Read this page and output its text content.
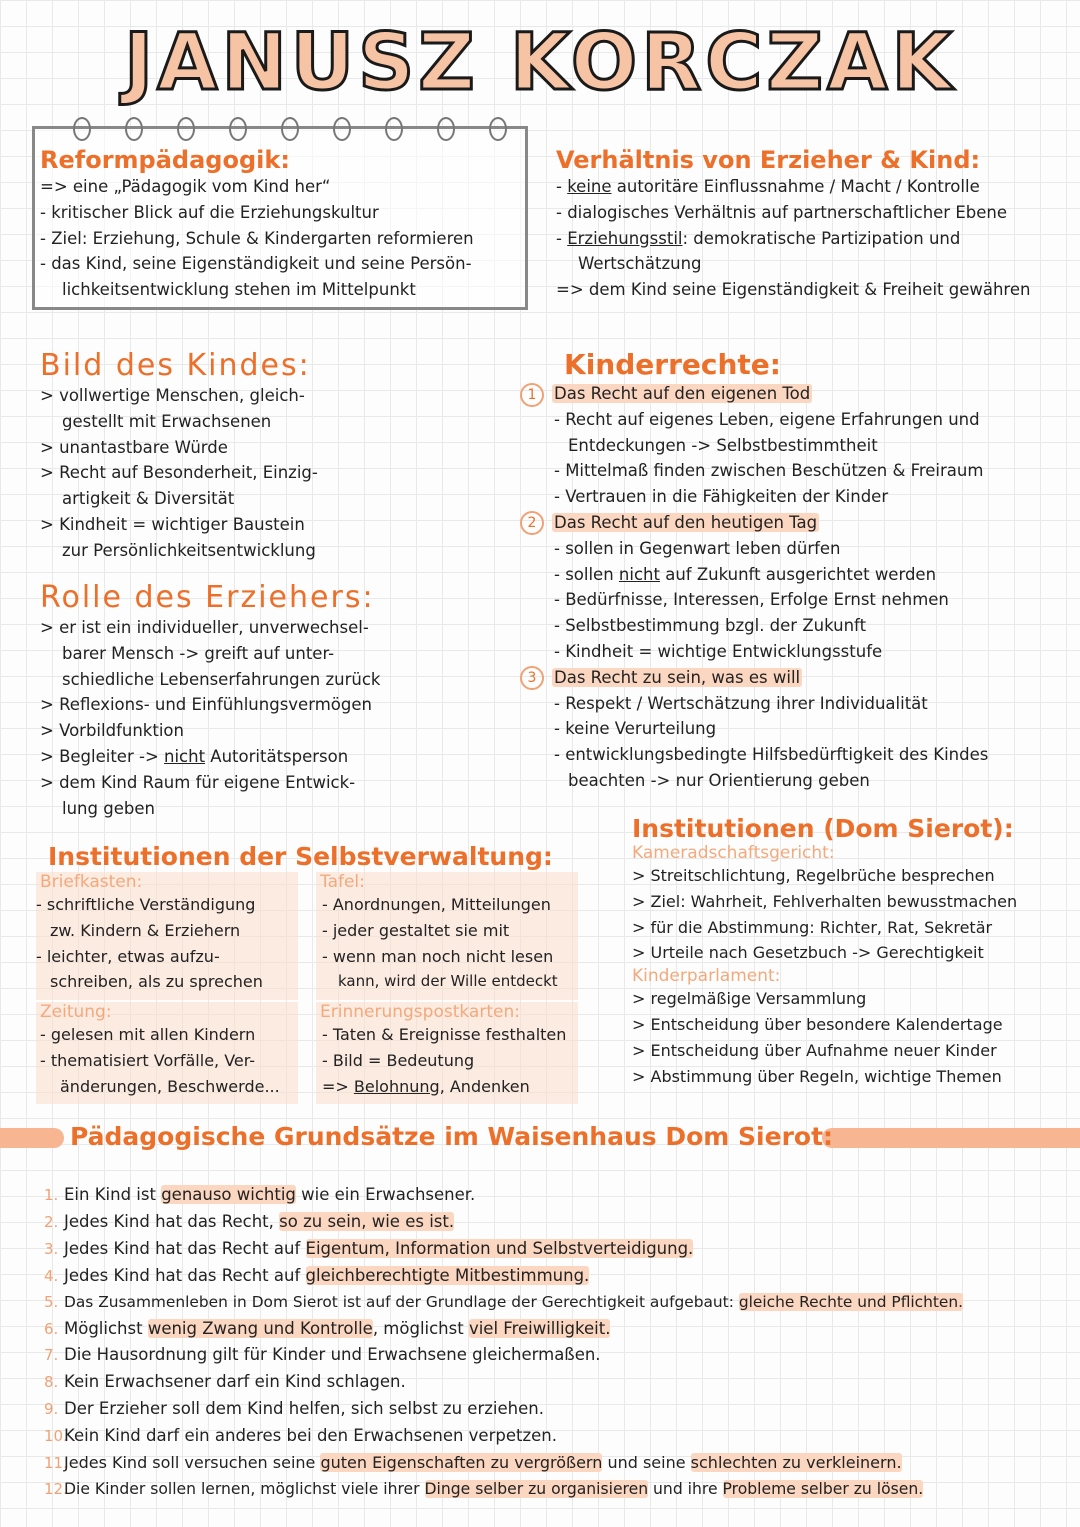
JANUSZ KORCZAK
Reformpädagogik:
=> eine „Pädagogik vom Kind her“
- kritischer Blick auf die Erziehungskultur
- Ziel: Erziehung, Schule & Kindergarten reformieren
- das Kind, seine Eigenständigkeit und seine Persön-
lichkeitsentwicklung stehen im Mittelpunkt
Verhältnis von Erzieher & Kind:
- keine autoritäre Einflussnahme / Macht / Kontrolle
- dialogisches Verhältnis auf partnerschaftlicher Ebene
- Erziehungsstil: demokratische Partizipation und
Wertschätzung
=> dem Kind seine Eigenständigkeit & Freiheit gewähren
Bild des Kindes:
> vollwertige Menschen, gleich-
gestellt mit Erwachsenen
> unantastbare Würde
> Recht auf Besonderheit, Einzig-
artigkeit & Diversität
> Kindheit = wichtiger Baustein
zur Persönlichkeitsentwicklung
Rolle des Erziehers:
> er ist ein individueller, unverwechsel-
barer Mensch -> greift auf unter-
schiedliche Lebenserfahrungen zurück
> Reflexions- und Einfühlungsvermögen
> Vorbildfunktion
> Begleiter -> nicht Autoritätsperson
> dem Kind Raum für eigene Entwick-
lung geben
Kinderrechte:
1 Das Recht auf den eigenen Tod
- Recht auf eigenes Leben, eigene Erfahrungen und
Entdeckungen -> Selbstbestimmtheit
- Mittelmaß finden zwischen Beschützen & Freiraum
- Vertrauen in die Fähigkeiten der Kinder
2 Das Recht auf den heutigen Tag
- sollen in Gegenwart leben dürfen
- sollen nicht auf Zukunft ausgerichtet werden
- Bedürfnisse, Interessen, Erfolge Ernst nehmen
- Selbstbestimmung bzgl. der Zukunft
- Kindheit = wichtige Entwicklungsstufe
3 Das Recht zu sein, was es will
- Respekt / Wertschätzung ihrer Individualität
- keine Verurteilung
- entwicklungsbedingte Hilfsbedürftigkeit des Kindes
beachten -> nur Orientierung geben
Institutionen der Selbstverwaltung:
Briefkasten:
- schriftliche Verständigung
zw. Kindern & Erziehern
- leichter, etwas aufzu-
schreiben, als zu sprechen
Tafel:
- Anordnungen, Mitteilungen
- jeder gestaltet sie mit
- wenn man noch nicht lesen
kann, wird der Wille entdeckt
Zeitung:
- gelesen mit allen Kindern
- thematisiert Vorfälle, Ver-
änderungen, Beschwerde...
Erinnerungspostkarten:
- Taten & Ereignisse festhalten
- Bild = Bedeutung
=> Belohnung, Andenken
Institutionen (Dom Sierot):
Kameradschaftsgericht:
> Streitschlichtung, Regelbrüche besprechen
> Ziel: Wahrheit, Fehlverhalten bewusstmachen
> für die Abstimmung: Richter, Rat, Sekretär
> Urteile nach Gesetzbuch -> Gerechtigkeit
Kinderparlament:
> regelmäßige Versammlung
> Entscheidung über besondere Kalendertage
> Entscheidung über Aufnahme neuer Kinder
> Abstimmung über Regeln, wichtige Themen
Pädagogische Grundsätze im Waisenhaus Dom Sierot:
1. Ein Kind ist genauso wichtig wie ein Erwachsener.
2. Jedes Kind hat das Recht, so zu sein, wie es ist.
3. Jedes Kind hat das Recht auf Eigentum, Information und Selbstverteidigung.
4. Jedes Kind hat das Recht auf gleichberechtigte Mitbestimmung.
5. Das Zusammenleben in Dom Sierot ist auf der Grundlage der Gerechtigkeit aufgebaut: gleiche Rechte und Pflichten.
6. Möglichst wenig Zwang und Kontrolle, möglichst viel Freiwilligkeit.
7. Die Hausordnung gilt für Kinder und Erwachsene gleichermaßen.
8. Kein Erwachsener darf ein Kind schlagen.
9. Der Erzieher soll dem Kind helfen, sich selbst zu erziehen.
10.Kein Kind darf ein anderes bei den Erwachsenen verpetzen.
11.Jedes Kind soll versuchen seine guten Eigenschaften zu vergrößern und seine schlechten zu verkleinern.
12.Die Kinder sollen lernen, möglichst viele ihrer Dinge selber zu organisieren und ihre Probleme selber zu lösen.
